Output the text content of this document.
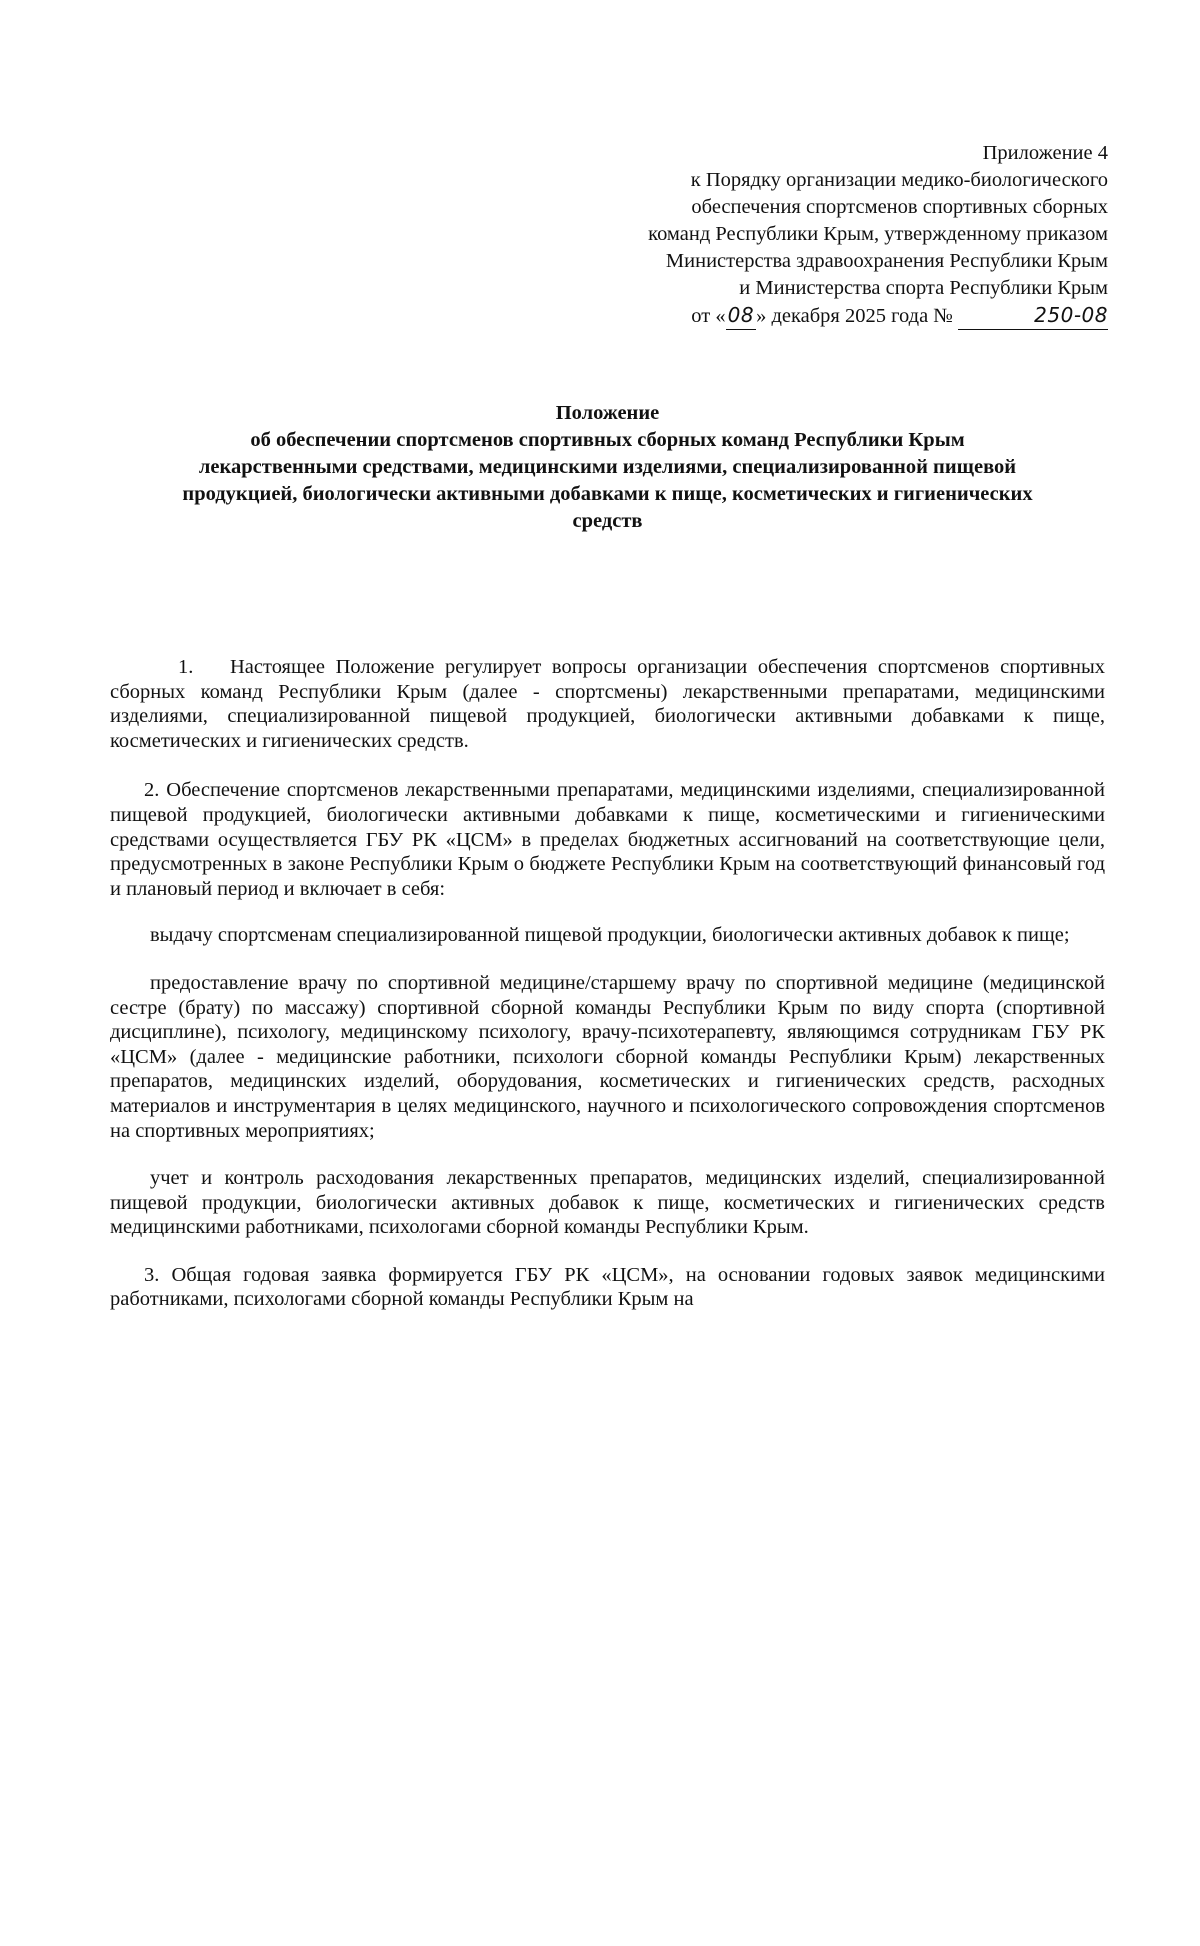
Приложение 4
к Порядку организации медико-биологического
обеспечения спортсменов спортивных сборных
команд Республики Крым, утвержденному приказом
Министерства здравоохранения Республики Крым
и Министерства спорта Республики Крым
от « 08» декабря 2025 года №	250-08
Положение
об обеспечении спортсменов спортивных сборных команд Республики Крым
лекарственными средствами, медицинскими изделиями, специализированной пищевой
продукцией, биологически активными добавками к пище, косметических и гигиенических
средств

1. Настоящее Положение регулирует вопросы организации обеспечения спортсменов спортивных сборных команд Республики Крым (далее - спортсмены) лекарственными препаратами, медицинскими изделиями, специализированной пищевой продукцией, биологически активными добавками к пище, косметических и гигиенических средств.

2. Обеспечение спортсменов лекарственными препаратами, медицинскими изделиями, специализированной пищевой продукцией, биологически активными добавками к пище, косметическими и гигиеническими средствами осуществляется ГБУ РК «ЦСМ» в пределах бюджетных ассигнований на соответствующие цели, предусмотренных в законе Республики Крым о бюджете Республики Крым на соответствующий финансовый год и плановый период и включает в себя:

выдачу спортсменам специализированной пищевой продукции, биологически активных добавок к пище;

предоставление врачу по спортивной медицине/старшему врачу по спортивной медицине (медицинской сестре (брату) по массажу) спортивной сборной команды Республики Крым по виду спорта (спортивной дисциплине), психологу, медицинскому психологу, врачу-психотерапевту, являющимся сотрудникам ГБУ РК «ЦСМ» (далее - медицинские работники, психологи сборной команды Республики Крым) лекарственных препаратов, медицинских изделий, оборудования, косметических и гигиенических средств, расходных материалов и инструментария в целях медицинского, научного и психологического сопровождения спортсменов на спортивных мероприятиях;

учет и контроль расходования лекарственных препаратов, медицинских изделий, специализированной пищевой продукции, биологически активных добавок к пище, косметических и гигиенических средств медицинскими работниками, психологами сборной команды Республики Крым.

3. Общая годовая заявка формируется ГБУ РК «ЦСМ», на основании годовых заявок медицинскими работниками, психологами сборной команды Республики Крым на
